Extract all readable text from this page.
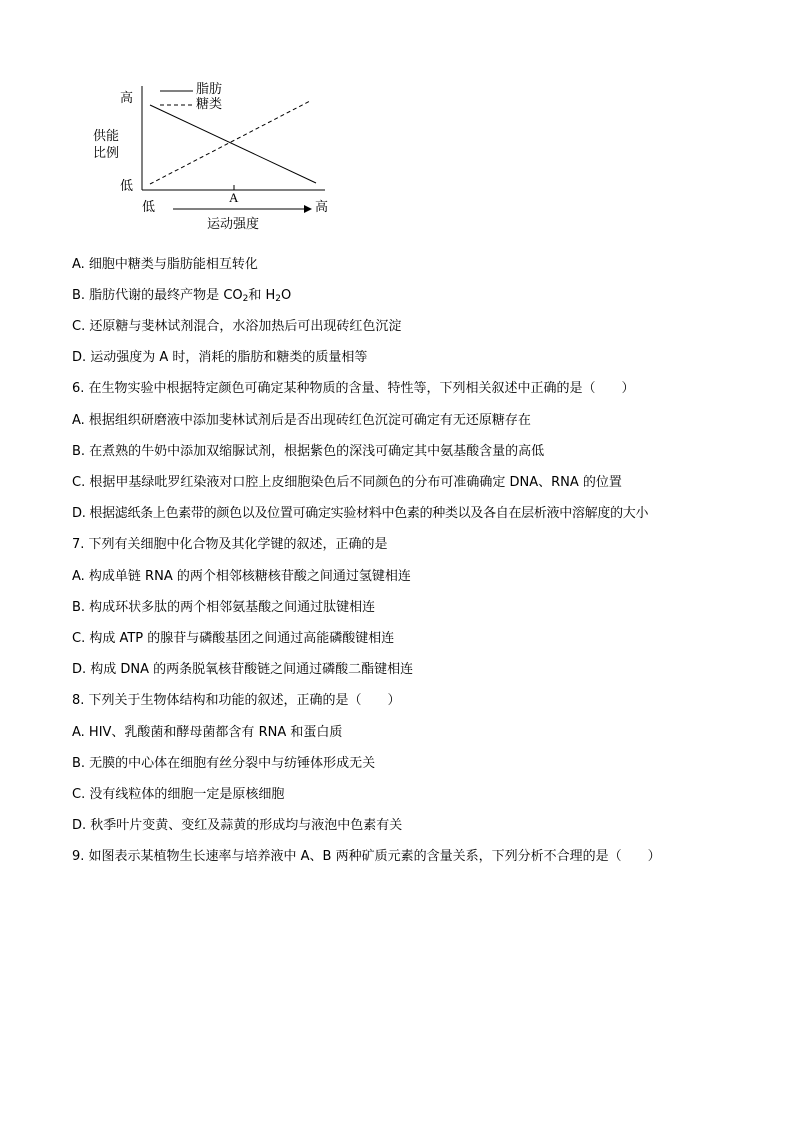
脂肪
糖类
高
供能
比例
低
A
低	高
运动强度
A. 细胞中糖类与脂肪能相互转化
B. 脂肪代谢的最终产物是 $CO_2$和 $H_2O$
C. 还原糖与斐林试剂混合，水浴加热后可出现砖红色沉淀
D. 运动强度为 A 时，消耗的脂肪和糖类的质量相等
6. 在生物实验中根据特定颜色可确定某种物质的含量、特性等，下列相关叙述中正确的是（　　）
A. 根据组织研磨液中添加斐林试剂后是否出现砖红色沉淀可确定有无还原糖存在
B. 在煮熟的牛奶中添加双缩脲试剂，根据紫色的深浅可确定其中氨基酸含量的高低
C. 根据甲基绿吡罗红染液对口腔上皮细胞染色后不同颜色的分布可准确确定 DNA、RNA 的位置
D. 根据滤纸条上色素带的颜色以及位置可确定实验材料中色素的种类以及各自在层析液中溶解度的大小
7. 下列有关细胞中化合物及其化学键的叙述，正确的是
A. 构成单链 RNA 的两个相邻核糖核苷酸之间通过氢键相连
B. 构成环状多肽的两个相邻氨基酸之间通过肽键相连
C. 构成 ATP 的腺苷与磷酸基团之间通过高能磷酸键相连
D. 构成 DNA 的两条脱氧核苷酸链之间通过磷酸二酯键相连
8. 下列关于生物体结构和功能的叙述，正确的是（　　）
A. HIV、乳酸菌和酵母菌都含有 RNA 和蛋白质
B. 无膜的中心体在细胞有丝分裂中与纺锤体形成无关
C. 没有线粒体的细胞一定是原核细胞
D. 秋季叶片变黄、变红及蒜黄的形成均与液泡中色素有关
9. 如图表示某植物生长速率与培养液中 A、B 两种矿质元素的含量关系，下列分析不合理的是（　　）
